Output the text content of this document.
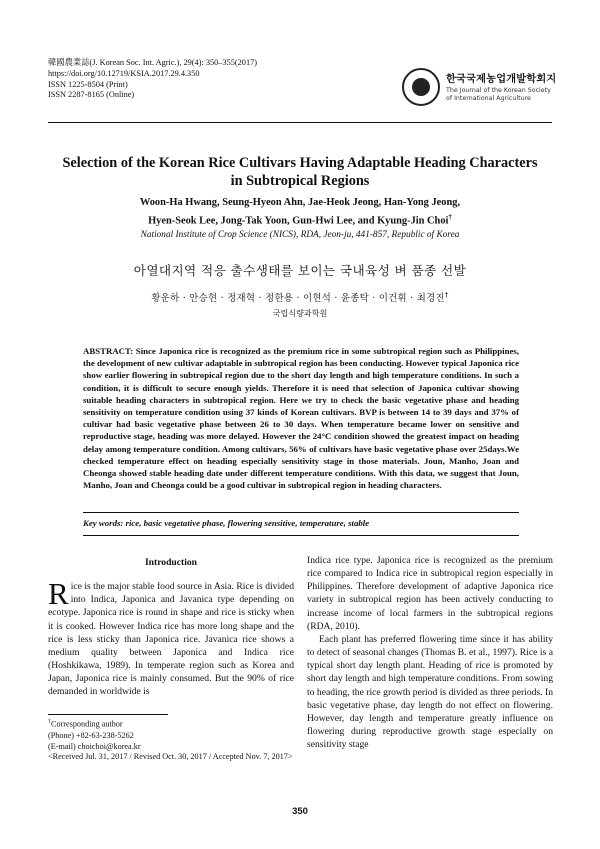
韓國農業誌(J. Korean Soc. Int. Agric.), 29(4): 350–355(2017)
https://doi.org/10.12719/KSIA.2017.29.4.350
ISSN 1225-8504 (Print)
ISSN 2287-8165 (Online)
한국국제농업개발학회지
The Journal of the Korean Society
of International Agriculture
Selection of the Korean Rice Cultivars Having Adaptable Heading Characters
in Subtropical Regions
Woon-Ha Hwang, Seung-Hyeon Ahn, Jae-Heok Jeong, Han-Yong Jeong,
Hyen-Seok Lee, Jong-Tak Yoon, Gun-Hwi Lee, and Kyung-Jin Choi†
National Institute of Crop Science (NICS), RDA, Jeon-ju, 441-857, Republic of Korea
아열대지역 적응 출수생태를 보이는 국내육성 벼 품종 선발
황운하 · 안승현 · 정재혁 · 정한용 · 이현석 · 윤종탁 · 이건휘 · 최경진†
국립식량과학원
ABSTRACT: Since Japonica rice is recognized as the premium rice in some subtropical region such as Philippines, the development of new cultivar adaptable in subtropical region has been conducting. However typical Japonica rice show earlier flowering in subtropical region due to the short day length and high temperature conditions. In such a condition, it is difficult to secure enough yields. Therefore it is need that selection of Japonica cultivar showing suitable heading characters in subtropical region. Here we try to check the basic vegetative phase and heading sensitivity on temperature condition using 37 kinds of Korean cultivars. BVP is between 14 to 39 days and 37% of cultivar had basic vegetative phase between 26 to 30 days. When temperature became lower on sensitive and reproductive stage, heading was more delayed. However the 24°C condition showed the greatest impact on heading delay among temperature condition. Among cultivars, 56% of cultivars have basic vegetative phase over 25days.We checked temperature effect on heading especially sensitivity stage in those materials. Joun, Manho, Joan and Cheonga showed stable heading date under different temperature conditions. With this data, we suggest that Joun, Manho, Joan and Cheonga could be a good cultivar in subtropical region in heading characters.
Key words: rice, basic vegetative phase, flowering sensitive, temperature, stable

Introduction

Rice is the major stable food source in Asia. Rice is divided into Indica, Japonica and Javanica type depending on ecotype. Japonica rice is round in shape and rice is sticky when it is cooked. However Indica rice has more long shape and the rice is less sticky than Japonica rice. Javanica rice shows a medium quality between Japonica and Indica rice (Hoshkikawa, 1989). In temperate region such as Korea and Japan, Japonica rice is mainly consumed. But the 90% of rice demanded in worldwide is

Indica rice type. Japonica rice is recognized as the premium rice compared to Indica rice in subtropical region especially in Philippines. Therefore development of adaptive Japonica rice variety in subtropical region has been actively conducting to increase income of local farmers in the subtropical regions (RDA, 2010).

Each plant has preferred flowering time since it has ability to detect of seasonal changes (Thomas B. et al., 1997). Rice is a typical short day length plant. Heading of rice is promoted by short day length and high temperature conditions. From sowing to heading, the rice growth period is divided as three periods. In basic vegetative phase, day length do not effect on flowering. However, day length and temperature greatly influence on flowering during reproductive growth stage especially on sensitivity stage

†Corresponding author

(Phone) +82-63-238-5262

(E-mail) choichoi@korea.kr

<Received Jul. 31, 2017 / Revised Oct. 30, 2017 / Accepted Nov. 7, 2017>

350
